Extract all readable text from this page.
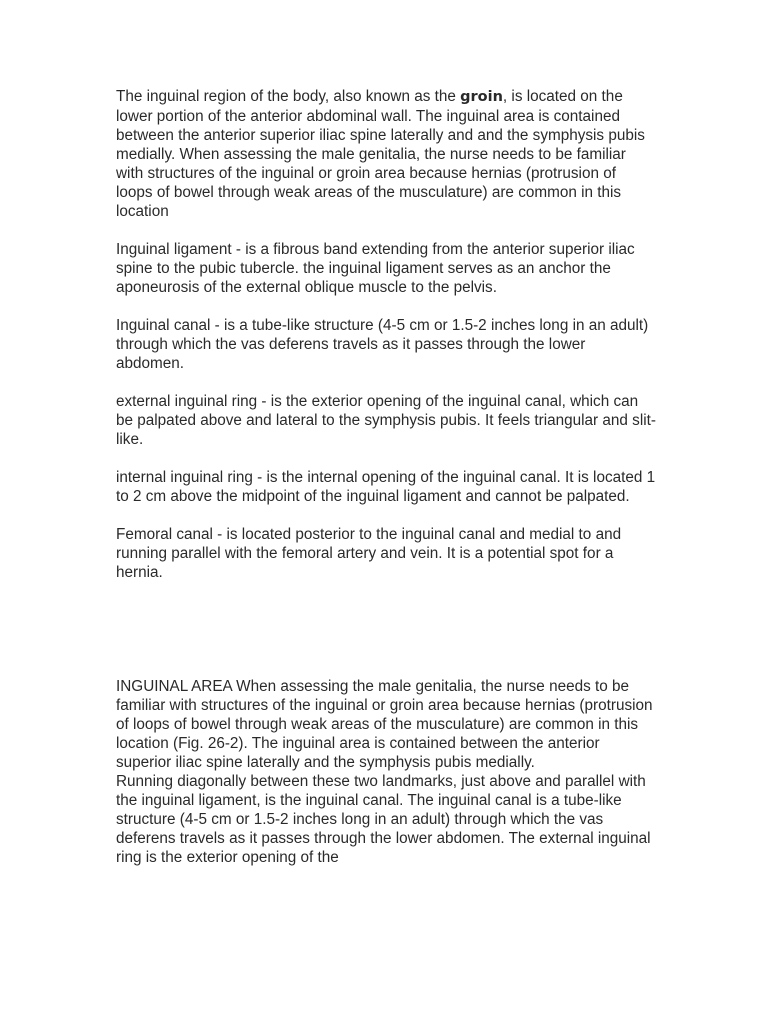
The inguinal region of the body, also known as the groin, is located on the lower portion of the anterior abdominal wall. The inguinal area is contained between the anterior superior iliac spine laterally and and the symphysis pubis medially. When assessing the male genitalia, the nurse needs to be familiar with structures of the inguinal or groin area because hernias (protrusion of loops of bowel through weak areas of the musculature) are common in this location

Inguinal ligament - is a fibrous band extending from the anterior superior iliac spine to the pubic tubercle. the inguinal ligament serves as an anchor the aponeurosis of the external oblique muscle to the pelvis.

Inguinal canal - is a tube-like structure (4-5 cm or 1.5-2 inches long in an adult) through which the vas deferens travels as it passes through the lower abdomen.

external inguinal ring - is the exterior opening of the inguinal canal, which can be palpated above and lateral to the symphysis pubis. It feels triangular and slit-like.

internal inguinal ring - is the internal opening of the inguinal canal. It is located 1 to 2 cm above the midpoint of the inguinal ligament and cannot be palpated.

Femoral canal - is located posterior to the inguinal canal and medial to and running parallel with the femoral artery and vein. It is a potential spot for a hernia.

INGUINAL AREA When assessing the male genitalia, the nurse needs to be familiar with structures of the inguinal or groin area because hernias (protrusion of loops of bowel through weak areas of the musculature) are common in this location (Fig. 26-2). The inguinal area is contained between the anterior superior iliac spine laterally and the symphysis pubis medially.

Running diagonally between these two landmarks, just above and parallel with the inguinal ligament, is the inguinal canal. The inguinal canal is a tube-like structure (4-5 cm or 1.5-2 inches long in an adult) through which the vas deferens travels as it passes through the lower abdomen. The external inguinal ring is the exterior opening of the
